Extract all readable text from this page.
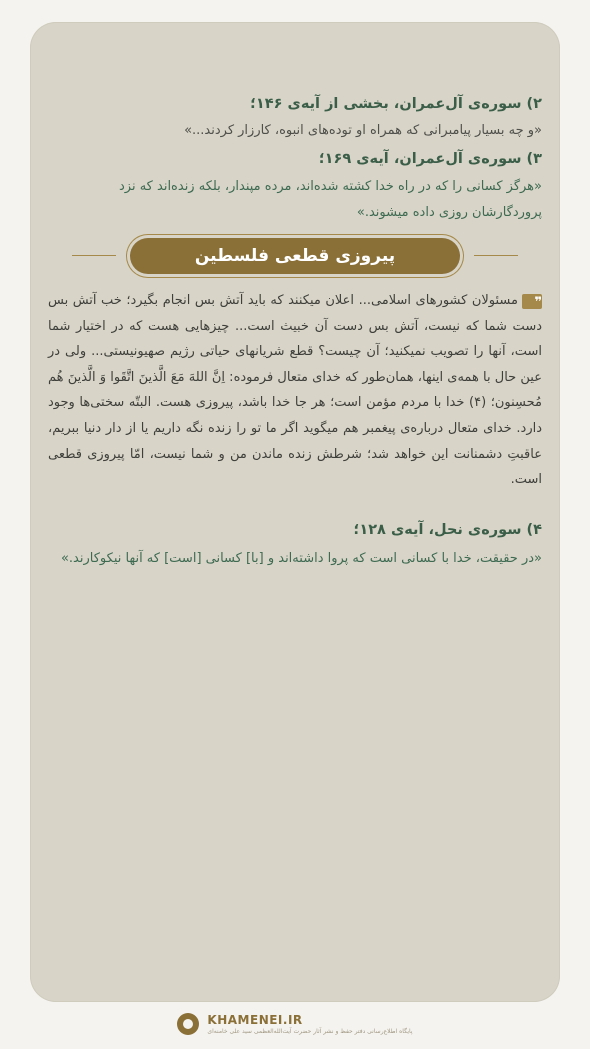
۲) سوره‌ی آل‌عمران، بخشی از آیه‌ی ۱۴۶؛
«و چه بسیار پیامبرانی که همراه او توده‌های انبوه، کارزار کردند...»
۳) سوره‌ی آل‌عمران، آیه‌ی ۱۶۹؛
«هرگز کسانی را که در راه خدا کشته شده‌اند، مرده مپندار، بلکه زنده‌اند که نزد پروردگارشان روزی داده میشوند.»
پیروزی قطعی فلسطین
❞مسئولان کشورهای اسلامی... اعلان میکنند که باید آتش بس انجام بگیرد؛ خب آتش بس دست شما که نیست، آتش بس دست آن خبیث است... چیزهایی هست که در اختیار شما است، آنها را تصویب نمیکنید؛ آن چیست؟ قطع شریانهای حیاتی رژیم صهیونیستی... ولی در عین حال با همه‌ی اینها، همان‌طور که خدای متعال فرموده: اِنَّ اللهَ مَعَ الَّذینَ اتَّقَوا وَ الَّذینَ هُم مُحسِنون؛ (۴) خدا با مردم مؤمن است؛ هر جا خدا باشد، پیروزی هست. البتّه سختی‌ها وجود دارد. خدای متعال درباره‌ی پیغمبر هم میگوید اگر ما تو را زنده نگه داریم یا از دار دنیا ببریم، عاقبتِ دشمنانت این خواهد شد؛ شرطش زنده ماندن من و شما نیست، امّا پیروزی قطعی است.
۴) سوره‌ی نحل، آیه‌ی ۱۲۸؛
«در حقیقت، خدا با کسانی است که پروا داشته‌اند و [با] کسانی [است] که آنها نیکوکارند.»
KHAMENEI.IR
پایگاه اطلاع‌رسانی دفتر حفظ و نشر آثار حضرت آیت‌الله‌العظمی سید علی خامنه‌ای
